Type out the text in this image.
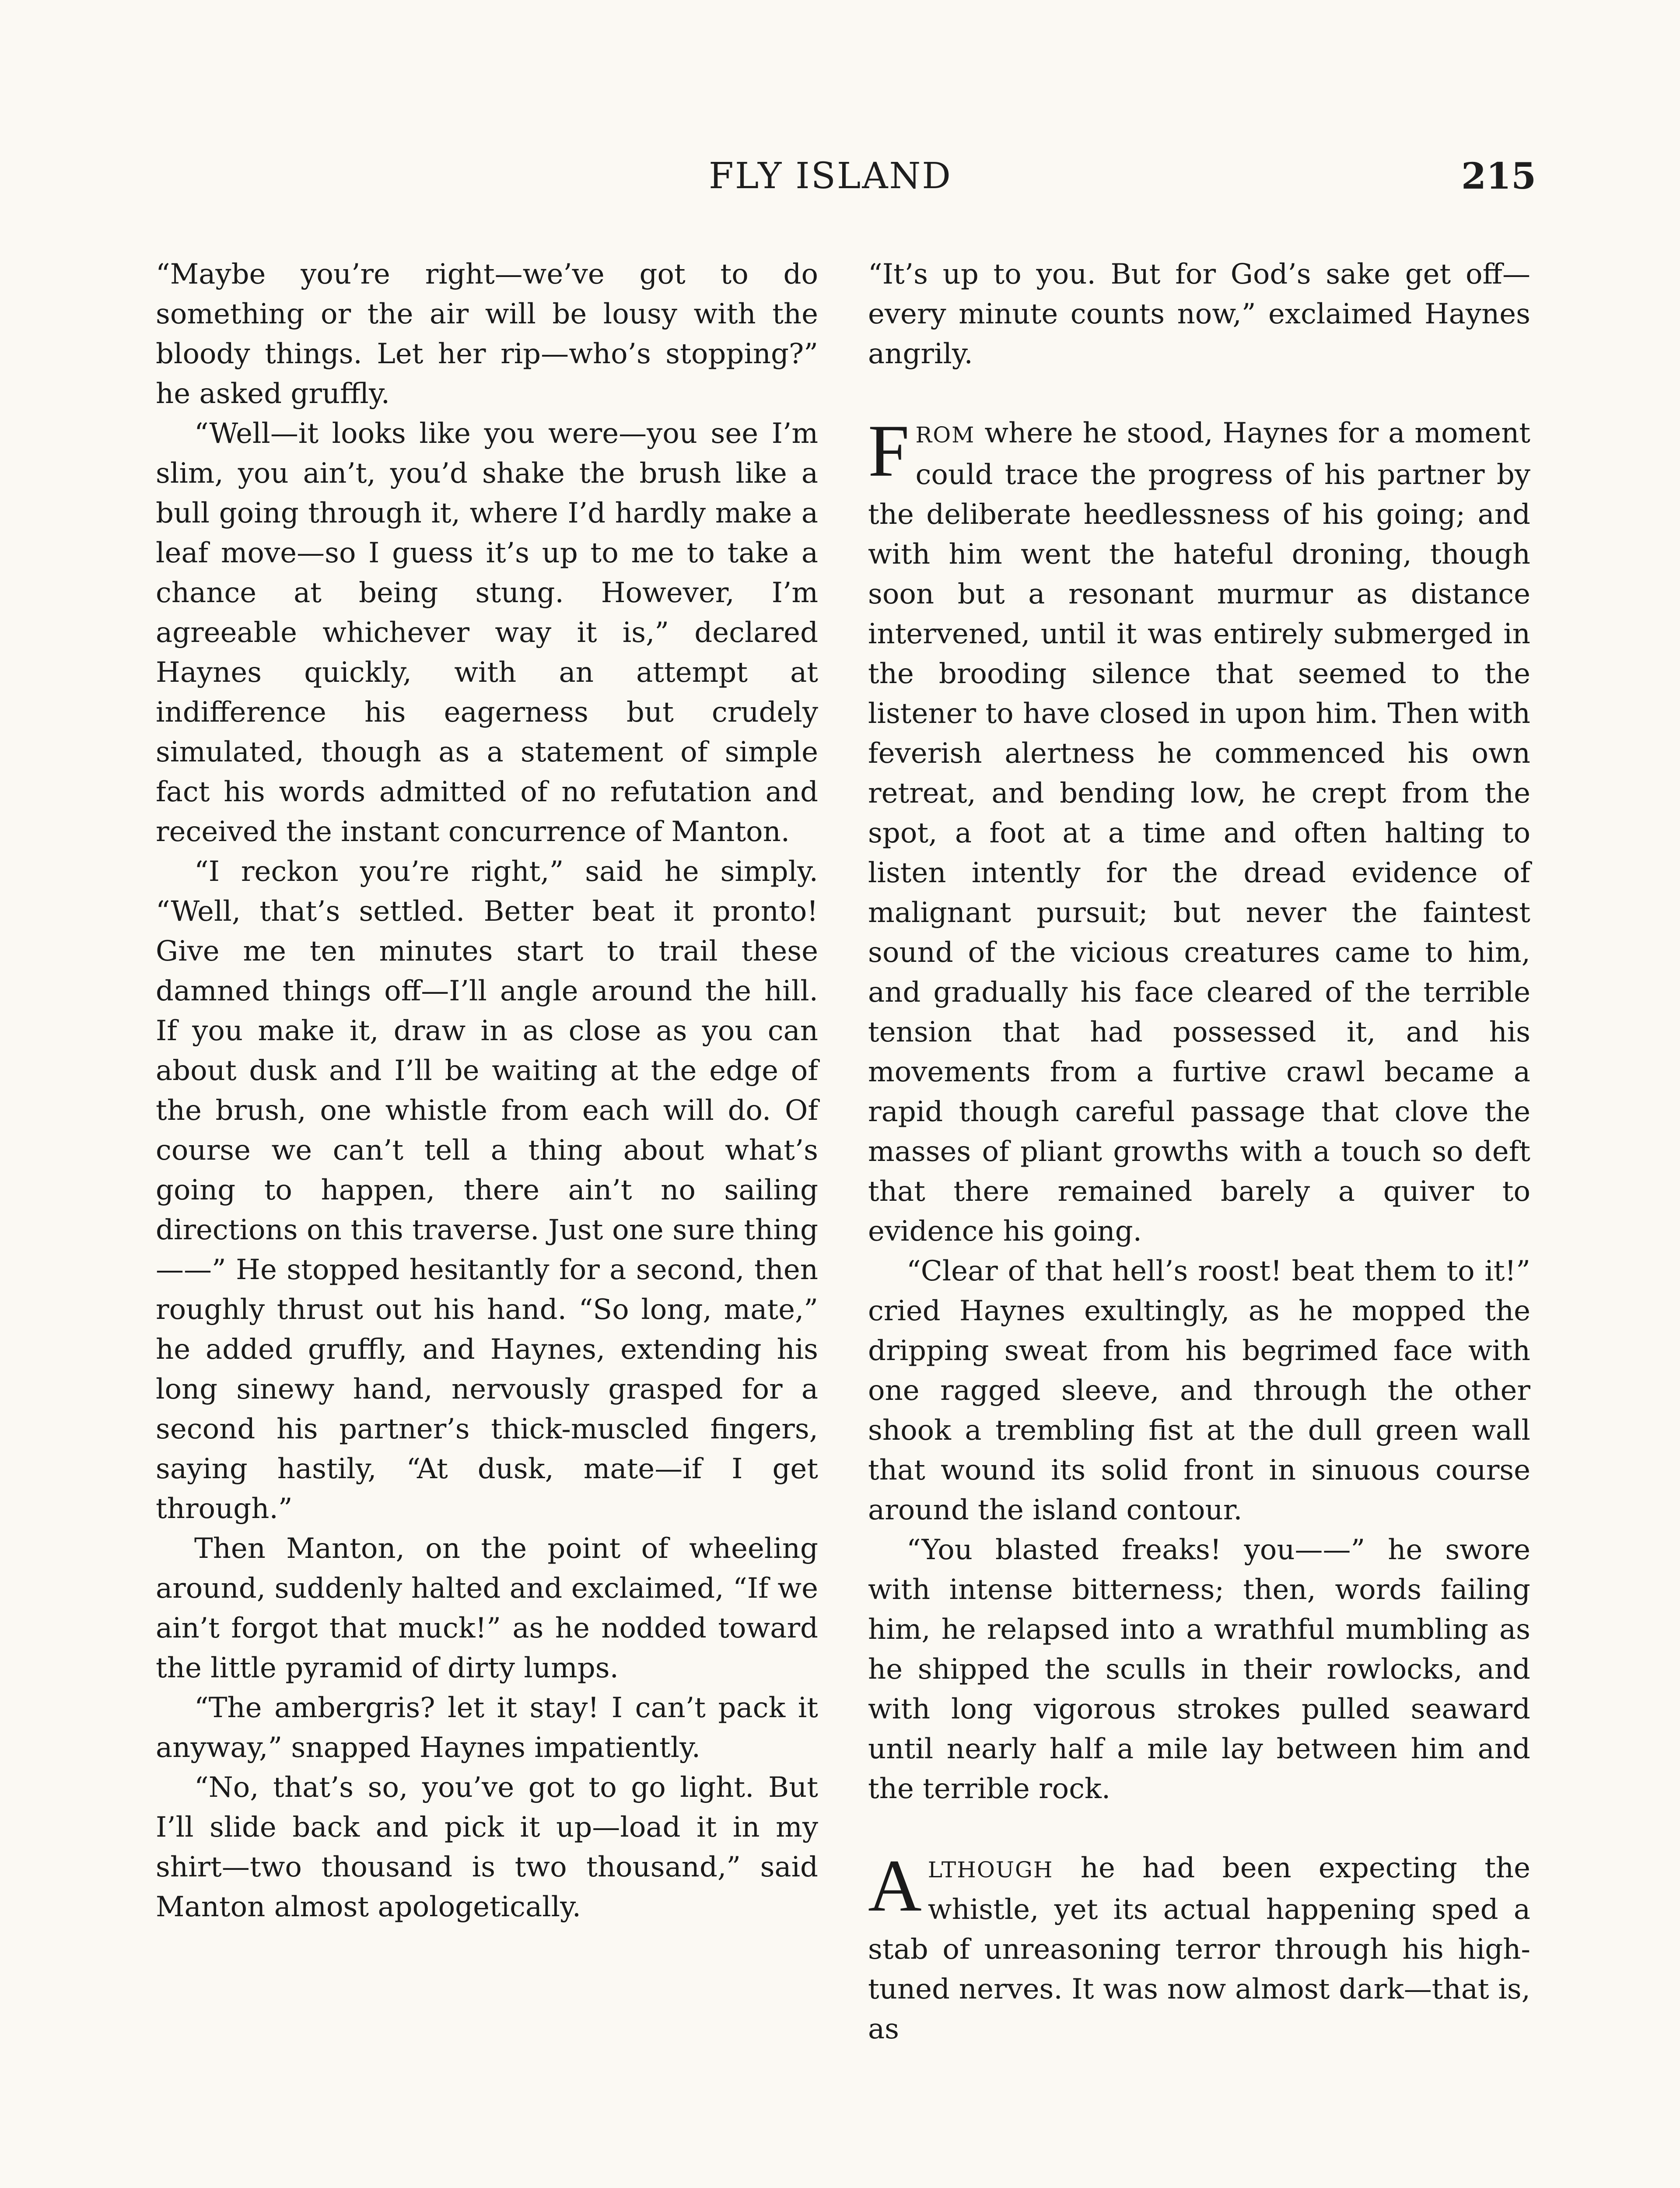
FLY ISLAND	215

“Maybe you’re right—we’ve got to do something or the air will be lousy with the bloody things. Let her rip—who’s stopping?” he asked gruffly.

“Well—it looks like you were—you see I’m slim, you ain’t, you’d shake the brush like a bull going through it, where I’d hardly make a leaf move—so I guess it’s up to me to take a chance at being stung. However, I’m agreeable whichever way it is,” declared Haynes quickly, with an attempt at indifference his eagerness but crudely simulated, though as a statement of simple fact his words admitted of no refutation and received the instant concurrence of Manton.

“I reckon you’re right,” said he simply. “Well, that’s settled. Better beat it pronto! Give me ten minutes start to trail these damned things off—I’ll angle around the hill. If you make it, draw in as close as you can about dusk and I’ll be waiting at the edge of the brush, one whistle from each will do. Of course we can’t tell a thing about what’s going to happen, there ain’t no sailing directions on this traverse. Just one sure thing——” He stopped hesitantly for a second, then roughly thrust out his hand. “So long, mate,” he added gruffly, and Haynes, extending his long sinewy hand, nervously grasped for a second his partner’s thick-muscled fingers, saying hastily, “At dusk, mate—if I get through.”

Then Manton, on the point of wheeling around, suddenly halted and exclaimed, “If we ain’t forgot that muck!” as he nodded toward the little pyramid of dirty lumps.

“The ambergris? let it stay! I can’t pack it anyway,” snapped Haynes impatiently.

“No, that’s so, you’ve got to go light. But I’ll slide back and pick it up—load it in my shirt—two thousand is two thousand,” said Manton almost apologetically.

“It’s up to you. But for God’s sake get off—every minute counts now,” exclaimed Haynes angrily.

FROM where he stood, Haynes for a moment could trace the progress of his partner by the deliberate heedlessness of his going; and with him went the hateful droning, though soon but a resonant murmur as distance intervened, until it was entirely submerged in the brooding silence that seemed to the listener to have closed in upon him. Then with feverish alertness he commenced his own retreat, and bending low, he crept from the spot, a foot at a time and often halting to listen intently for the dread evidence of malignant pursuit; but never the faintest sound of the vicious creatures came to him, and gradually his face cleared of the terrible tension that had possessed it, and his movements from a furtive crawl became a rapid though careful passage that clove the masses of pliant growths with a touch so deft that there remained barely a quiver to evidence his going.

“Clear of that hell’s roost! beat them to it!” cried Haynes exultingly, as he mopped the dripping sweat from his begrimed face with one ragged sleeve, and through the other shook a trembling fist at the dull green wall that wound its solid front in sinuous course around the island contour.

“You blasted freaks! you——” he swore with intense bitterness; then, words failing him, he relapsed into a wrathful mumbling as he shipped the sculls in their rowlocks, and with long vigorous strokes pulled seaward until nearly half a mile lay between him and the terrible rock.

ALTHOUGH he had been expecting the whistle, yet its actual happening sped a stab of unreasoning terror through his high-tuned nerves. It was now almost dark—that is, as
